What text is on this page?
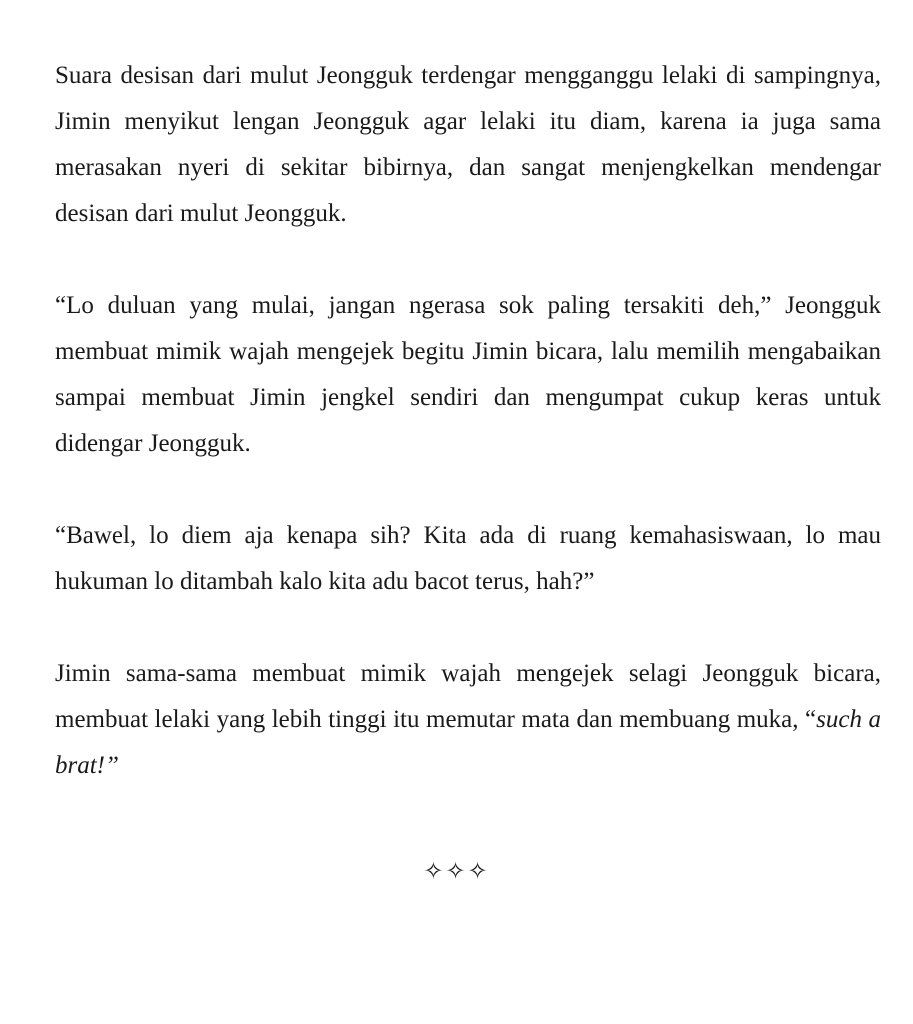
Suara desisan dari mulut Jeongguk terdengar mengganggu lelaki di sampingnya, Jimin menyikut lengan Jeongguk agar lelaki itu diam, karena ia juga sama merasakan nyeri di sekitar bibirnya, dan sangat menjengkelkan mendengar desisan dari mulut Jeongguk.

“Lo duluan yang mulai, jangan ngerasa sok paling tersakiti deh,” Jeongguk membuat mimik wajah mengejek begitu Jimin bicara, lalu memilih mengabaikan sampai membuat Jimin jengkel sendiri dan mengumpat cukup keras untuk didengar Jeongguk.

“Bawel, lo diem aja kenapa sih? Kita ada di ruang kemahasiswaan, lo mau hukuman lo ditambah kalo kita adu bacot terus, hah?”

Jimin sama-sama membuat mimik wajah mengejek selagi Jeongguk bicara, membuat lelaki yang lebih tinggi itu memutar mata dan membuang muka, “such a brat!”

✧✧✧
